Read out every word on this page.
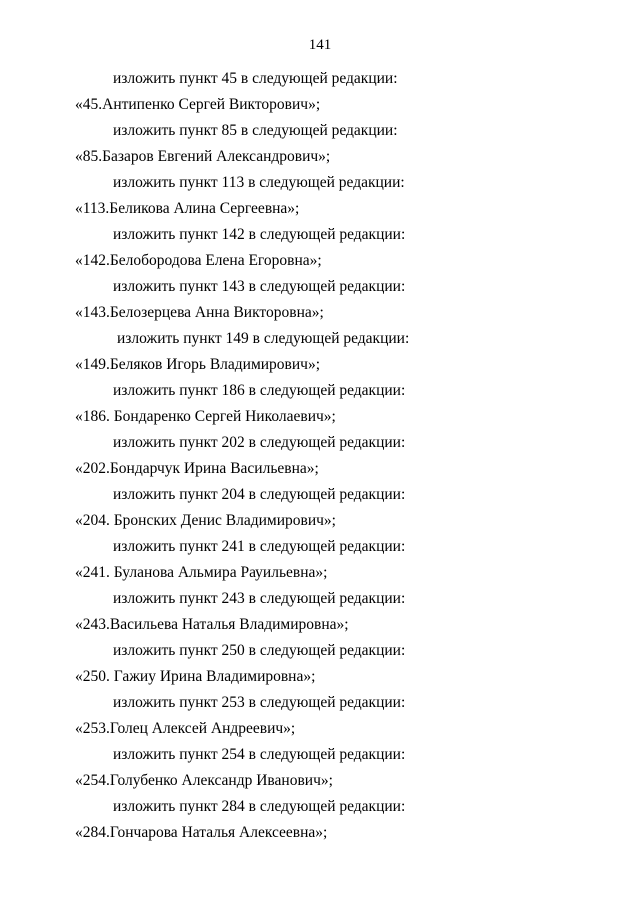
141
изложить пункт 45 в следующей редакции:
«45.Антипенко Сергей Викторович»;
изложить пункт 85 в следующей редакции:
«85.Базаров Евгений Александрович»;
изложить пункт 113 в следующей редакции:
«113.Беликова Алина Сергеевна»;
изложить пункт 142 в следующей редакции:
«142.Белобородова Елена Егоровна»;
изложить пункт 143 в следующей редакции:
«143.Белозерцева Анна Викторовна»;
изложить пункт 149 в следующей редакции:
«149.Беляков Игорь Владимирович»;
изложить пункт 186 в следующей редакции:
«186. Бондаренко Сергей Николаевич»;
изложить пункт 202 в следующей редакции:
«202.Бондарчук Ирина Васильевна»;
изложить пункт 204 в следующей редакции:
«204. Бронских Денис Владимирович»;
изложить пункт 241 в следующей редакции:
«241. Буланова Альмира Рауильевна»;
изложить пункт 243 в следующей редакции:
«243.Васильева Наталья Владимировна»;
изложить пункт 250 в следующей редакции:
«250. Гажиу Ирина Владимировна»;
изложить пункт 253 в следующей редакции:
«253.Голец Алексей Андреевич»;
изложить пункт 254 в следующей редакции:
«254.Голубенко Александр Иванович»;
изложить пункт 284 в следующей редакции:
«284.Гончарова Наталья Алексеевна»;
